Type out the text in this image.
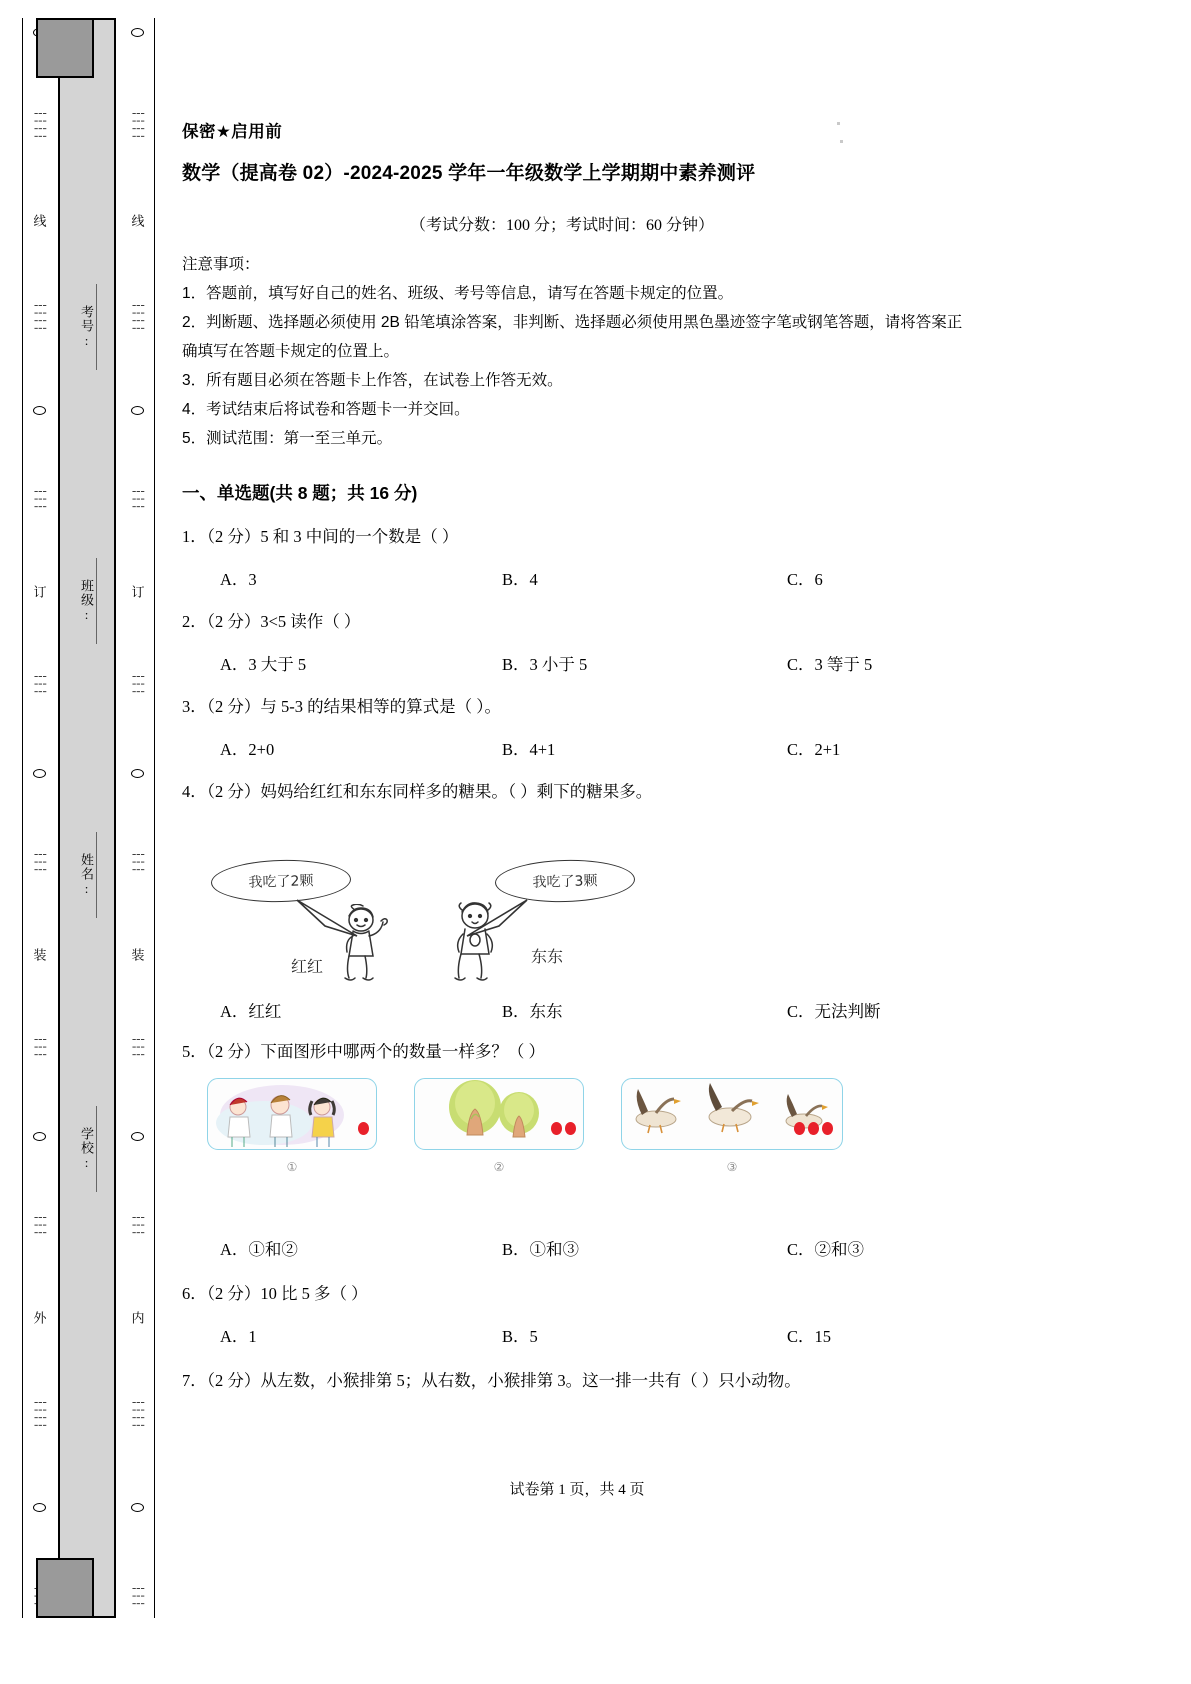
┆┆┆┆
线
┆┆┆┆
┆┆┆
订
┆┆┆
┆┆┆
装
┆┆┆
┆┆┆
外
┆┆┆┆
考号:
班级:
姓名:
学校:
┆┆┆┆
线
┆┆┆┆
┆┆┆
订
┆┆┆
┆┆┆
装
┆┆┆
┆┆┆
内
┆┆┆┆
┆┆┆
保密★启用前
数学（提高卷 02）-2024-2025 学年一年级数学上学期期中素养测评
（考试分数：100 分；考试时间：60 分钟）
注意事项：
1．答题前，填写好自己的姓名、班级、考号等信息，请写在答题卡规定的位置。
2．判断题、选择题必须使用 2B 铅笔填涂答案，非判断、选择题必须使用黑色墨迹签字笔或钢笔答题，请将答案正确填写在答题卡规定的位置上。
3．所有题目必须在答题卡上作答，在试卷上作答无效。
4．考试结束后将试卷和答题卡一并交回。
5．测试范围：第一至三单元。
一、单选题(共 8 题；共 16 分)
1．（2 分）5 和 3 中间的一个数是（ ）
A．3	B．4	C．6
2．（2 分）3<5 读作（ ）
A．3 大于 5	B．3 小于 5	C．3 等于 5
3．（2 分）与 5-3 的结果相等的算式是（ ）。
A．2+0	B．4+1	C．2+1
4．（2 分）妈妈给红红和东东同样多的糖果。（ ）剩下的糖果多。
我吃了2颗
红红
我吃了3颗
东东
A．红红	B．东东	C．无法判断
5．（2 分）下面图形中哪两个的数量一样多？（ ）
①	②	③
A．①和②	B．①和③	C．②和③
6．（2 分）10 比 5 多（ ）
A．1	B．5	C．15
7．（2 分）从左数，小猴排第 5；从右数，小猴排第 3。这一排一共有（ ）只小动物。
试卷第 1 页，共 4 页
